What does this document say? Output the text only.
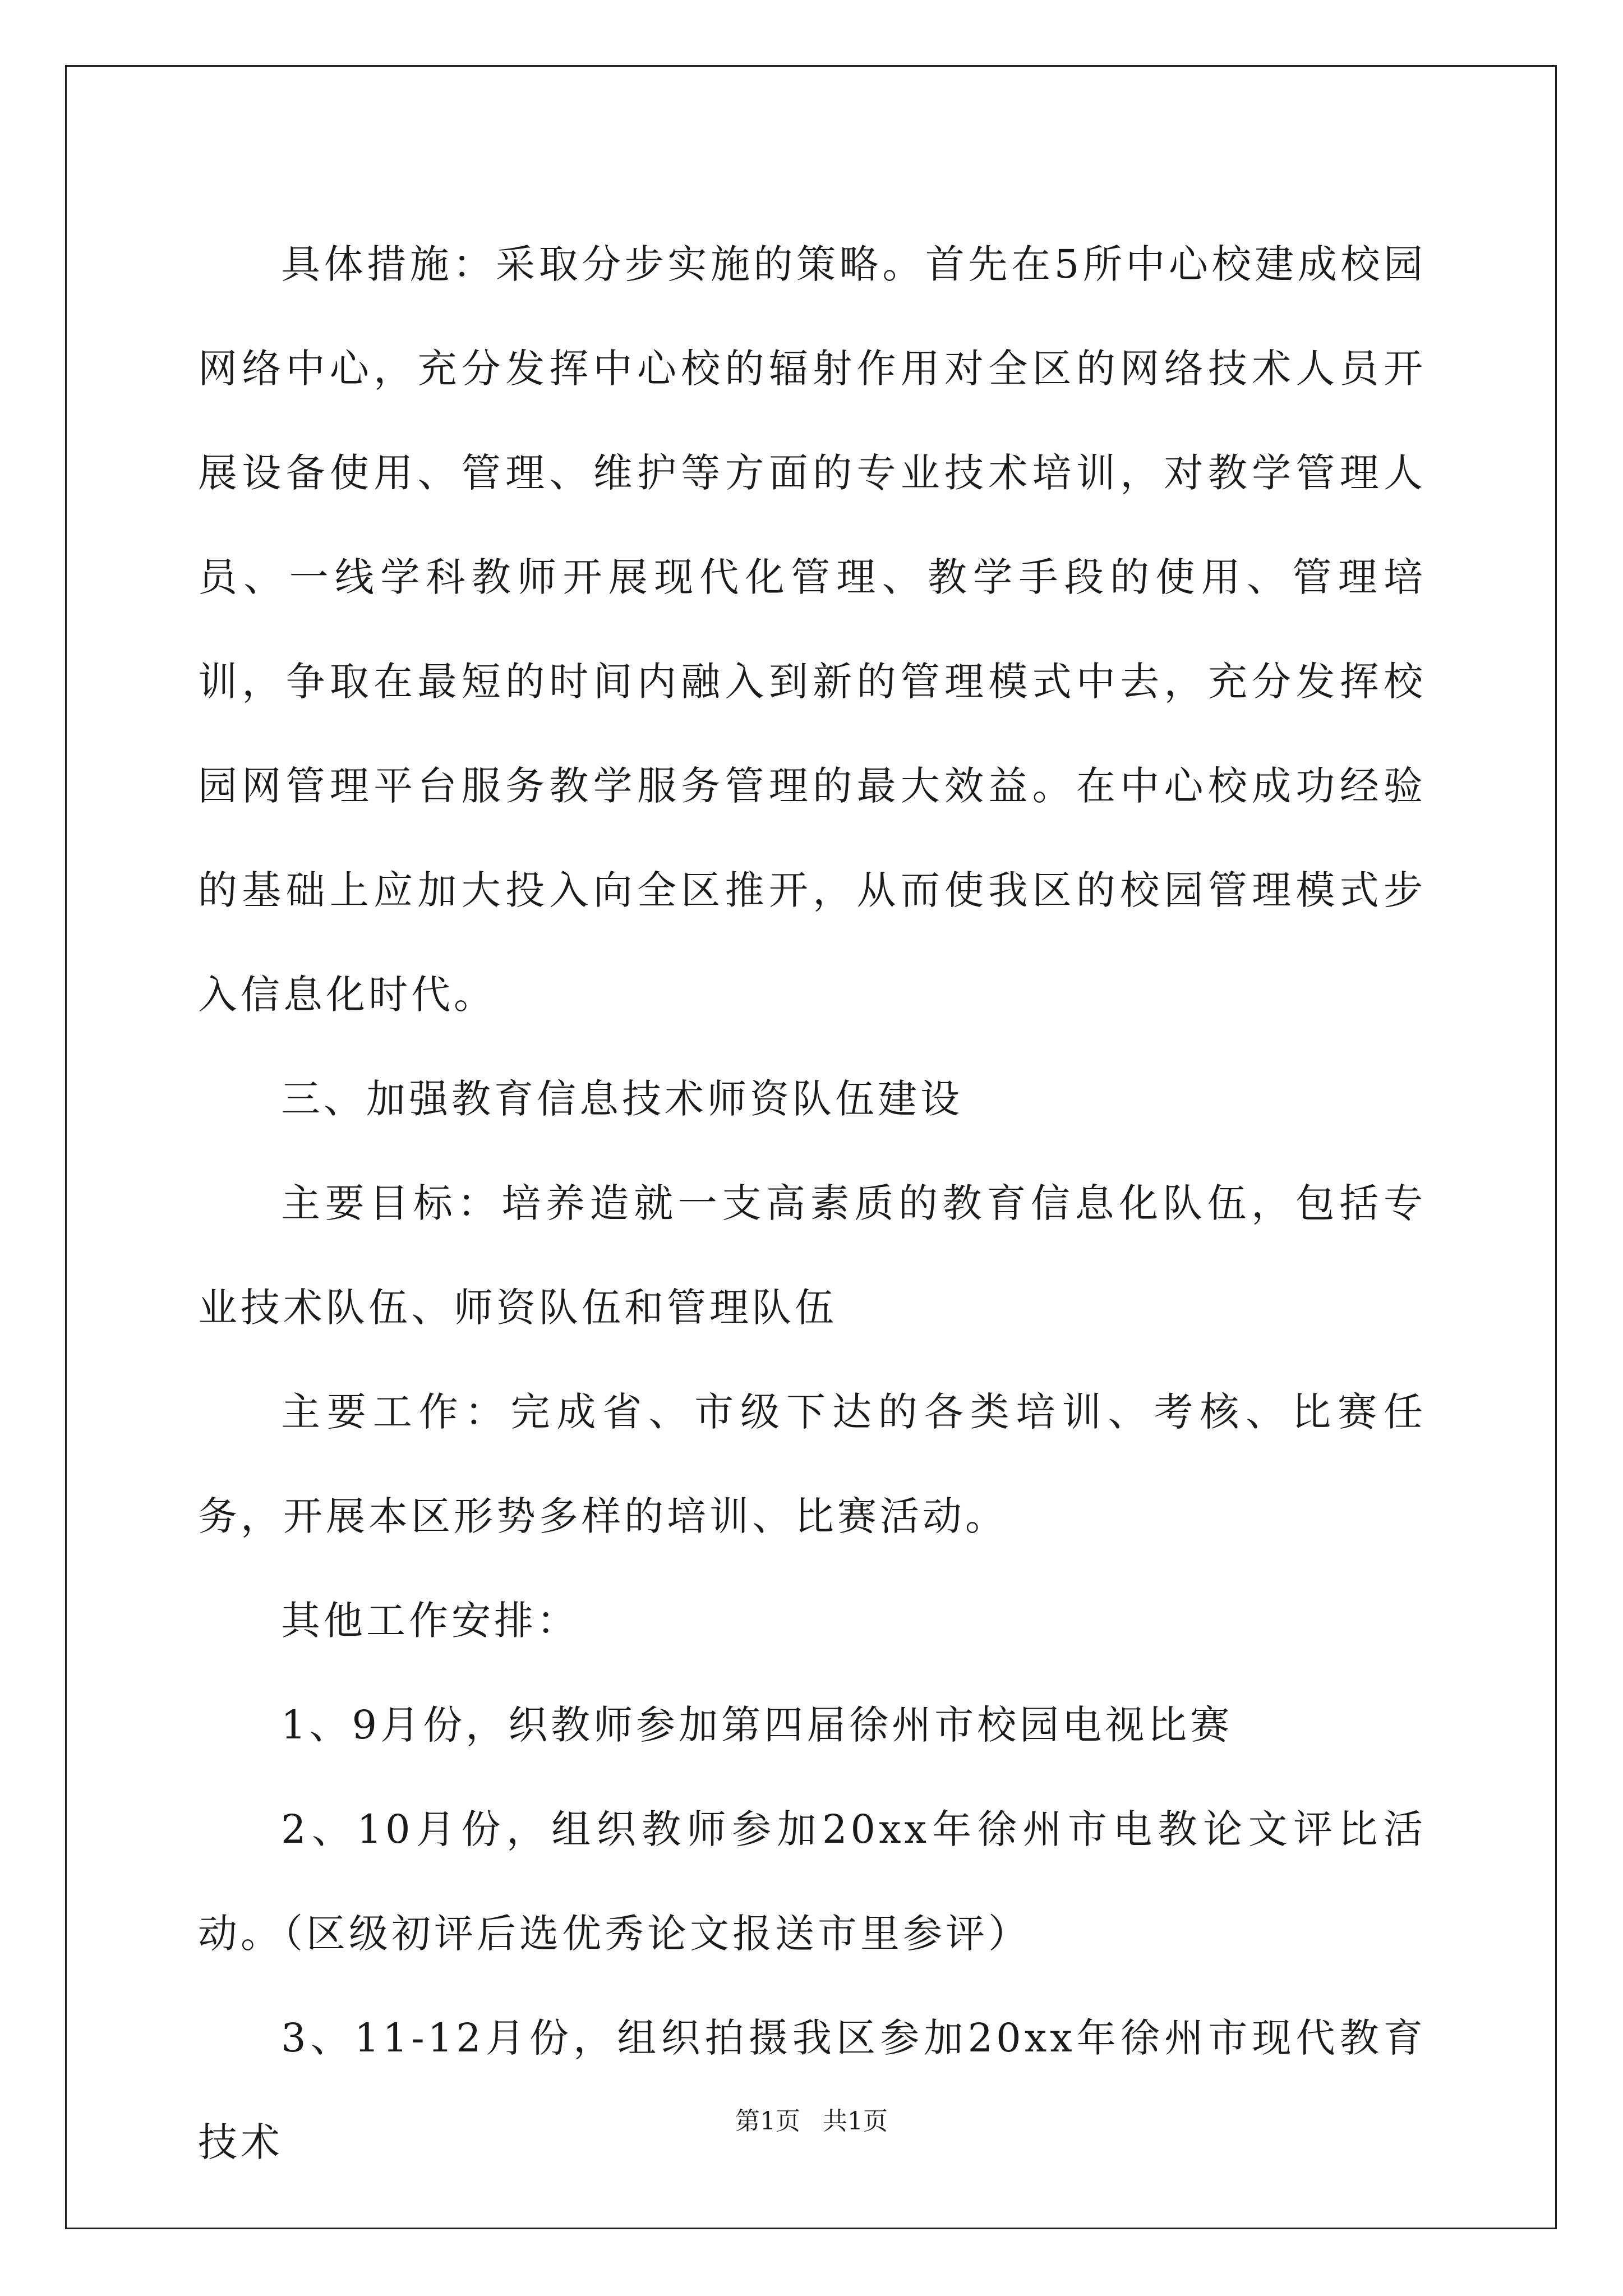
具体措施：采取分步实施的策略。首先在5所中心校建成校园网络中心，充分发挥中心校的辐射作用对全区的网络技术人员开展设备使用、管理、维护等方面的专业技术培训，对教学管理人员、一线学科教师开展现代化管理、教学手段的使用、管理培训，争取在最短的时间内融入到新的管理模式中去，充分发挥校园网管理平台服务教学服务管理的最大效益。在中心校成功经验的基础上应加大投入向全区推开，从而使我区的校园管理模式步入信息化时代。

三、加强教育信息技术师资队伍建设

主要目标：培养造就一支高素质的教育信息化队伍，包括专业技术队伍、师资队伍和管理队伍

主要工作：完成省、市级下达的各类培训、考核、比赛任务，开展本区形势多样的培训、比赛活动。

其他工作安排：

1、9月份，织教师参加第四届徐州市校园电视比赛

2、10月份，组织教师参加20xx年徐州市电教论文评比活动。（区级初评后选优秀论文报送市里参评）

3、11-12月份，组织拍摄我区参加20xx年徐州市现代教育技术	第1页 共1页
